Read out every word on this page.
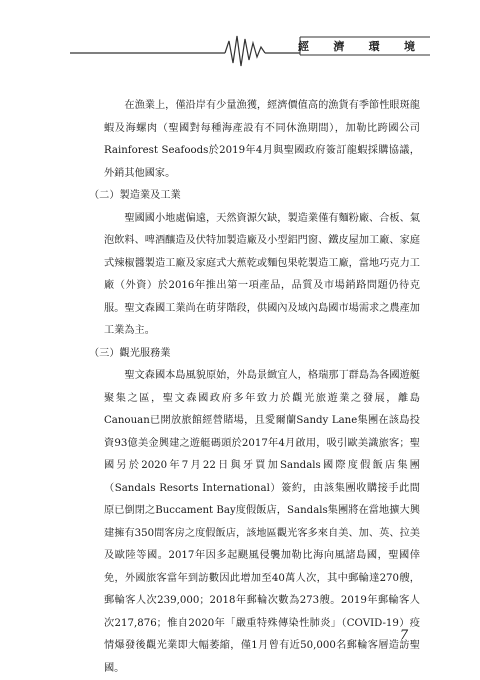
經 濟 環 境

在漁業上，僅沿岸有少量漁獲，經濟價值高的漁貨有季節性眼斑龍蝦及海螺肉（聖國對每種海產設有不同休漁期間），加勒比跨國公司Rainforest Seafoods於2019年4月與聖國政府簽訂龍蝦採購協議，外銷其他國家。

（二）製造業及工業

聖國國小地處偏遠，天然資源欠缺，製造業僅有麵粉廠、合板、氣泡飲料、啤酒釀造及伏特加製造廠及小型鋁門窗、鐵皮屋加工廠、家庭式辣椒醬製造工廠及家庭式大蕉乾或麵包果乾製造工廠，當地巧克力工廠（外資）於2016年推出第一項產品，品質及市場銷路問題仍待克服。聖文森國工業尚在萌芽階段，供國內及域內島國市場需求之農產加工業為主。

（三）觀光服務業

聖文森國本島風貌原始，外島景緻宜人，格瑞那丁群島為各國遊艇聚集之區，聖文森國政府多年致力於觀光旅遊業之發展，離島Canouan已開放旅館經營賭場，且愛爾蘭Sandy Lane集團在該島投資93億美金興建之遊艇碼頭於2017年4月啟用，吸引歐美識旅客；聖國另於2020年7月22日與牙買加Sandals國際度假飯店集團（Sandals Resorts International）簽約，由該集團收購接手此間原已倒閉之Buccament Bay度假飯店，Sandals集團將在當地擴大興建擁有350間客房之度假飯店，該地區觀光客多來自美、加、英、拉美及歐陸等國。2017年因多起颶風侵襲加勒比海向風諸島國，聖國倖免，外國旅客當年到訪數因此增加至40萬人次，其中郵輪達270艘，郵輪客人次239,000；2018年郵輪次數為273艘。2019年郵輪客人次217,876；惟自2020年「嚴重特殊傳染性肺炎」（COVID-19）疫情爆發後觀光業即大幅萎縮，僅1月曾有近50,000名郵輪客層造訪聖國。

7
